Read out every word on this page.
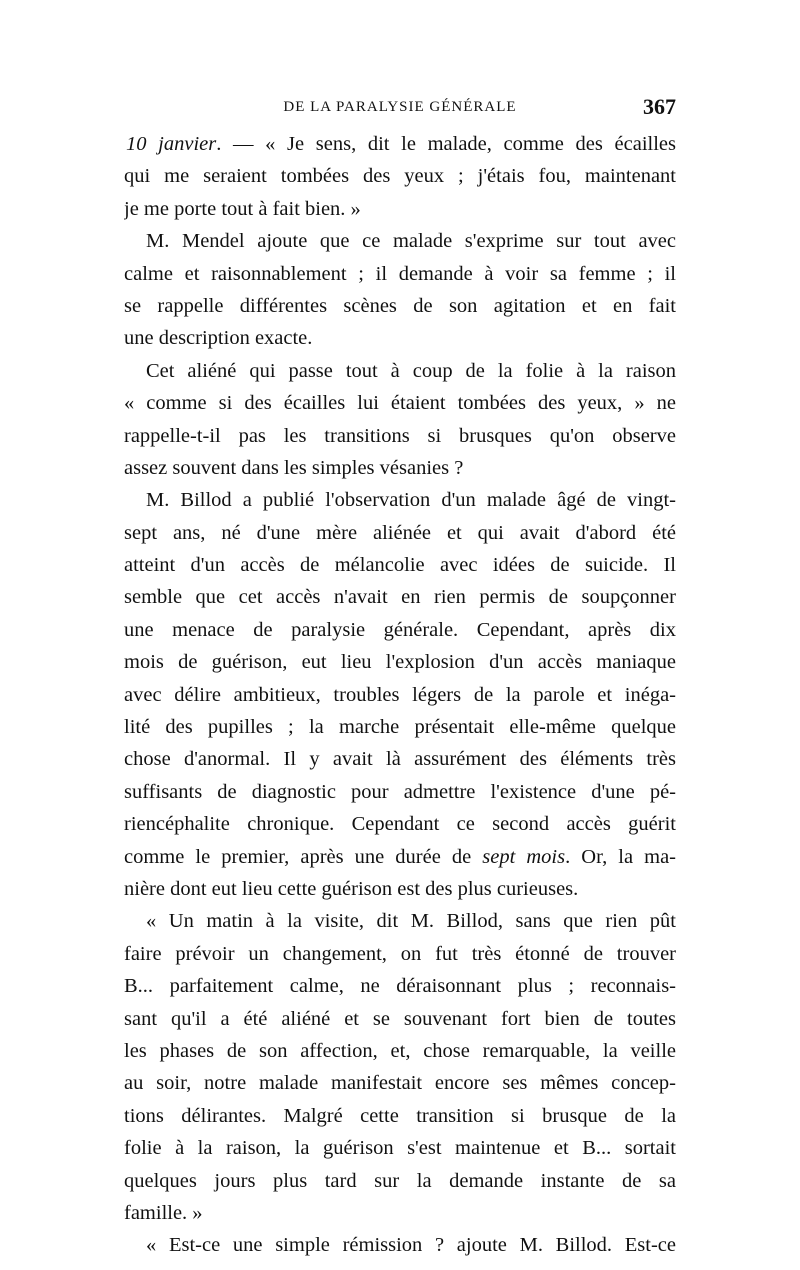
DE LA PARALYSIE GÉNÉRALE	367
10 janvier. — « Je sens, dit le malade, comme des écailles
qui me seraient tombées des yeux ; j'étais fou, maintenant
je me porte tout à fait bien. »
M. Mendel ajoute que ce malade s'exprime sur tout avec
calme et raisonnablement ; il demande à voir sa femme ; il
se rappelle différentes scènes de son agitation et en fait
une description exacte.
Cet aliéné qui passe tout à coup de la folie à la raison
« comme si des écailles lui étaient tombées des yeux, » ne
rappelle-t-il pas les transitions si brusques qu'on observe
assez souvent dans les simples vésanies ?
M. Billod a publié l'observation d'un malade âgé de vingt-
sept ans, né d'une mère aliénée et qui avait d'abord été
atteint d'un accès de mélancolie avec idées de suicide. Il
semble que cet accès n'avait en rien permis de soupçonner
une menace de paralysie générale. Cependant, après dix
mois de guérison, eut lieu l'explosion d'un accès maniaque
avec délire ambitieux, troubles légers de la parole et inéga-
lité des pupilles ; la marche présentait elle-même quelque
chose d'anormal. Il y avait là assurément des éléments très
suffisants de diagnostic pour admettre l'existence d'une pé-
riencéphalite chronique. Cependant ce second accès guérit
comme le premier, après une durée de sept mois. Or, la ma-
nière dont eut lieu cette guérison est des plus curieuses.
« Un matin à la visite, dit M. Billod, sans que rien pût
faire prévoir un changement, on fut très étonné de trouver
B... parfaitement calme, ne déraisonnant plus ; reconnais-
sant qu'il a été aliéné et se souvenant fort bien de toutes
les phases de son affection, et, chose remarquable, la veille
au soir, notre malade manifestait encore ses mêmes concep-
tions délirantes. Malgré cette transition si brusque de la
folie à la raison, la guérison s'est maintenue et B... sortait
quelques jours plus tard sur la demande instante de sa
famille. »
« Est-ce une simple rémission ? ajoute M. Billod. Est-ce
